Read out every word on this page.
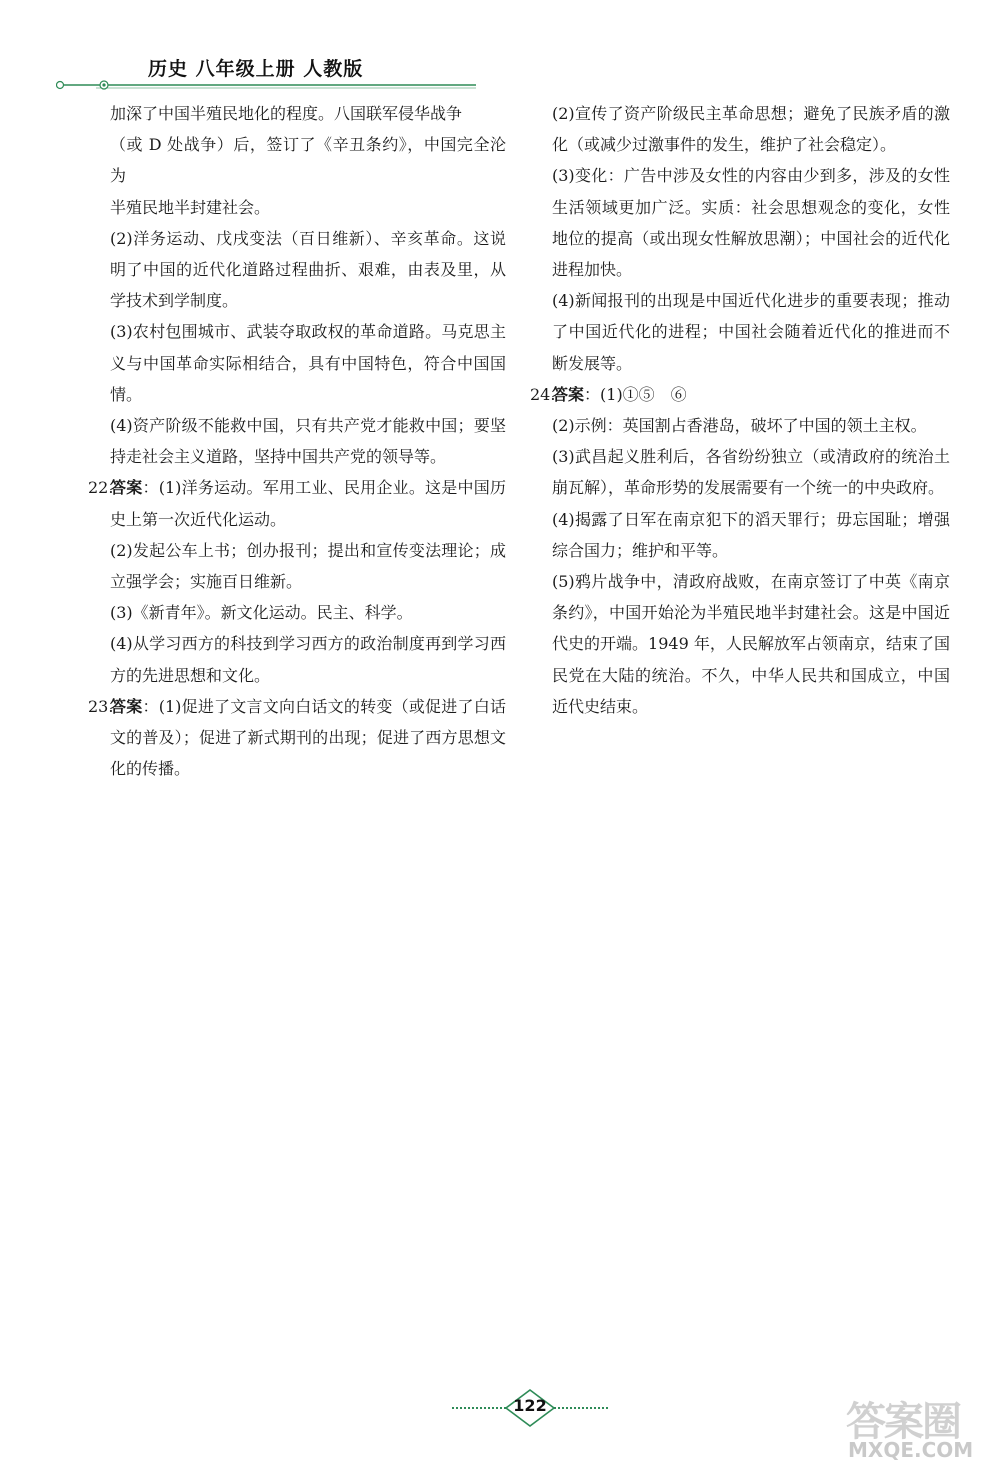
历史 八年级上册 人教版

加深了中国半殖民地化的程度。八国联军侵华战争

（或 D 处战争）后，签订了《辛丑条约》，中国完全沦为

半殖民地半封建社会。

(2)洋务运动、戊戌变法（百日维新）、辛亥革命。这说明了中国的近代化道路过程曲折、艰难，由表及里，从学技术到学制度。

(3)农村包围城市、武装夺取政权的革命道路。马克思主义与中国革命实际相结合，具有中国特色，符合中国国情。

(4)资产阶级不能救中国，只有共产党才能救中国；要坚持走社会主义道路，坚持中国共产党的领导等。

22.

答案：(1)洋务运动。军用工业、民用企业。这是中国历史上第一次近代化运动。

(2)发起公车上书；创办报刊；提出和宣传变法理论；成立强学会；实施百日维新。

(3)《新青年》。新文化运动。民主、科学。

(4)从学习西方的科技到学习西方的政治制度再到学习西方的先进思想和文化。

23.

答案：(1)促进了文言文向白话文的转变（或促进了白话文的普及）；促进了新式期刊的出现；促进了西方思想文化的传播。

(2)宣传了资产阶级民主革命思想；避免了民族矛盾的激化（或减少过激事件的发生，维护了社会稳定）。

(3)变化：广告中涉及女性的内容由少到多，涉及的女性生活领域更加广泛。实质：社会思想观念的变化，女性地位的提高（或出现女性解放思潮）；中国社会的近代化进程加快。

(4)新闻报刊的出现是中国近代化进步的重要表现；推动了中国近代化的进程；中国社会随着近代化的推进而不断发展等。

24.

答案：(1)①⑤　⑥

(2)示例：英国割占香港岛，破坏了中国的领土主权。

(3)武昌起义胜利后，各省纷纷独立（或清政府的统治土崩瓦解），革命形势的发展需要有一个统一的中央政府。

(4)揭露了日军在南京犯下的滔天罪行；毋忘国耻；增强综合国力；维护和平等。

(5)鸦片战争中，清政府战败，在南京签订了中英《南京条约》，中国开始沦为半殖民地半封建社会。这是中国近代史的开端。1949 年，人民解放军占领南京，结束了国民党在大陆的统治。不久，中华人民共和国成立，中国近代史结束。

122	答案圈
MXQE.COM
